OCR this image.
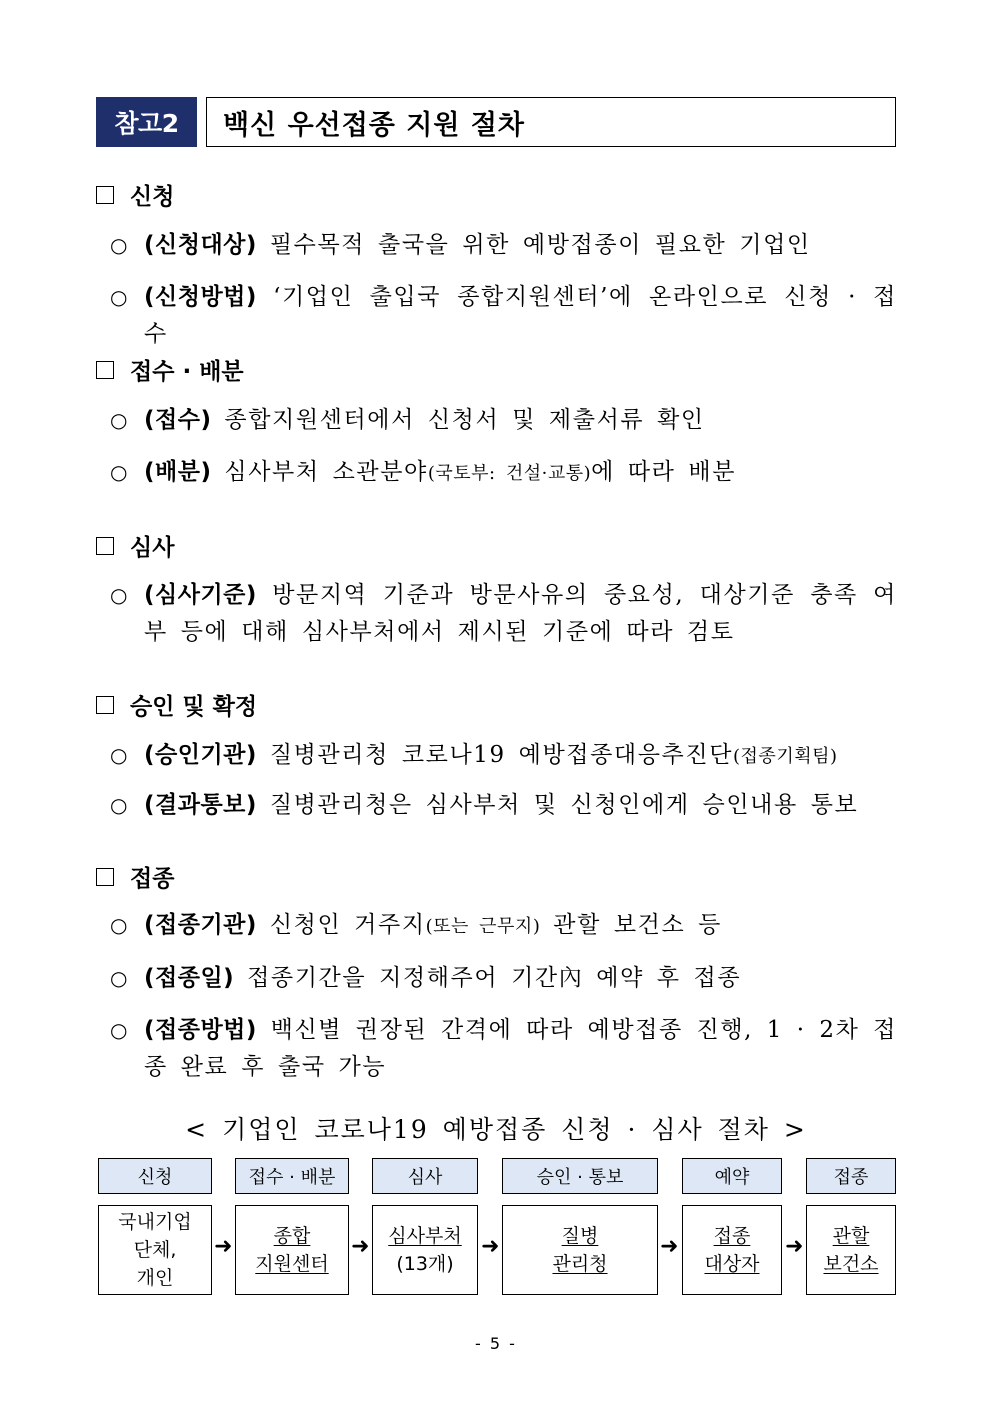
참고2	백신 우선접종 지원 절차
신청
○ (신청대상) 필수목적 출국을 위한 예방접종이 필요한 기업인
○ (신청방법) ‘기업인 출입국 종합지원센터’에 온라인으로 신청 · 접수
접수 · 배분
○ (접수) 종합지원센터에서 신청서 및 제출서류 확인
○ (배분) 심사부처 소관분야(국토부: 건설·교통)에 따라 배분
심사
○ (심사기준) 방문지역 기준과 방문사유의 중요성, 대상기준 충족 여부 등에 대해 심사부처에서 제시된 기준에 따라 검토
승인 및 확정
○ (승인기관) 질병관리청 코로나19 예방접종대응추진단(접종기획팀)
○ (결과통보) 질병관리청은 심사부처 및 신청인에게 승인내용 통보
접종
○ (접종기관) 신청인 거주지(또는 근무지) 관할 보건소 등
○ (접종일) 접종기간을 지정해주어 기간內 예약 후 접종
○ (접종방법) 백신별 권장된 간격에 따라 예방접종 진행, 1 · 2차 접종 완료 후 출국 가능
< 기업인 코로나19 예방접종 신청 · 심사 절차 >
신청	접수 · 배분	심사	승인 · 통보	예약	접종
국내기업
단체,
개인
➜ 종합
지원센터
➜ 심사부처
(13개)
➜	질병
관리청
➜ 접종
대상자
➜ 관할
보건소
- 5 -
